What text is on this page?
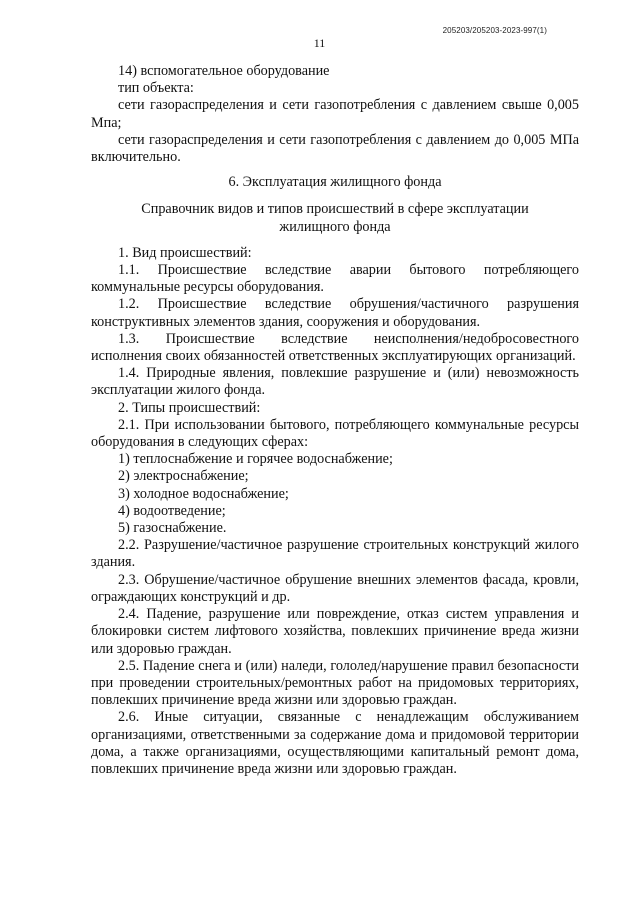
205203/205203-2023-997(1)
11

14) вспомогательное оборудование

тип объекта:

сети газораспределения и сети газопотребления с давлением свыше 0,005 Мпа;

сети газораспределения и сети газопотребления с давлением до 0,005 МПа включительно.

6. Эксплуатация жилищного фонда

Справочник видов и типов происшествий в сфере эксплуатации жилищного фонда

1. Вид происшествий:

1.1. Происшествие вследствие аварии бытового потребляющего коммунальные ресурсы оборудования.

1.2. Происшествие вследствие обрушения/частичного разрушения конструктивных элементов здания, сооружения и оборудования.

1.3. Происшествие вследствие неисполнения/недобросовестного исполнения своих обязанностей ответственных эксплуатирующих организаций.

1.4. Природные явления, повлекшие разрушение и (или) невозможность эксплуатации жилого фонда.

2. Типы происшествий:

2.1. При использовании бытового, потребляющего коммунальные ресурсы оборудования в следующих сферах:

1) теплоснабжение и горячее водоснабжение;

2) электроснабжение;

3) холодное водоснабжение;

4) водоотведение;

5) газоснабжение.

2.2. Разрушение/частичное разрушение строительных конструкций жилого здания.

2.3. Обрушение/частичное обрушение внешних элементов фасада, кровли, ограждающих конструкций и др.

2.4. Падение, разрушение или повреждение, отказ систем управления и блокировки систем лифтового хозяйства, повлекших причинение вреда жизни или здоровью граждан.

2.5. Падение снега и (или) наледи, гололед/нарушение правил безопасности при проведении строительных/ремонтных работ на придомовых территориях, повлекших причинение вреда жизни или здоровью граждан.

2.6. Иные ситуации, связанные с ненадлежащим обслуживанием организациями, ответственными за содержание дома и придомовой территории дома, а также организациями, осуществляющими капитальный ремонт дома, повлекших причинение вреда жизни или здоровью граждан.
